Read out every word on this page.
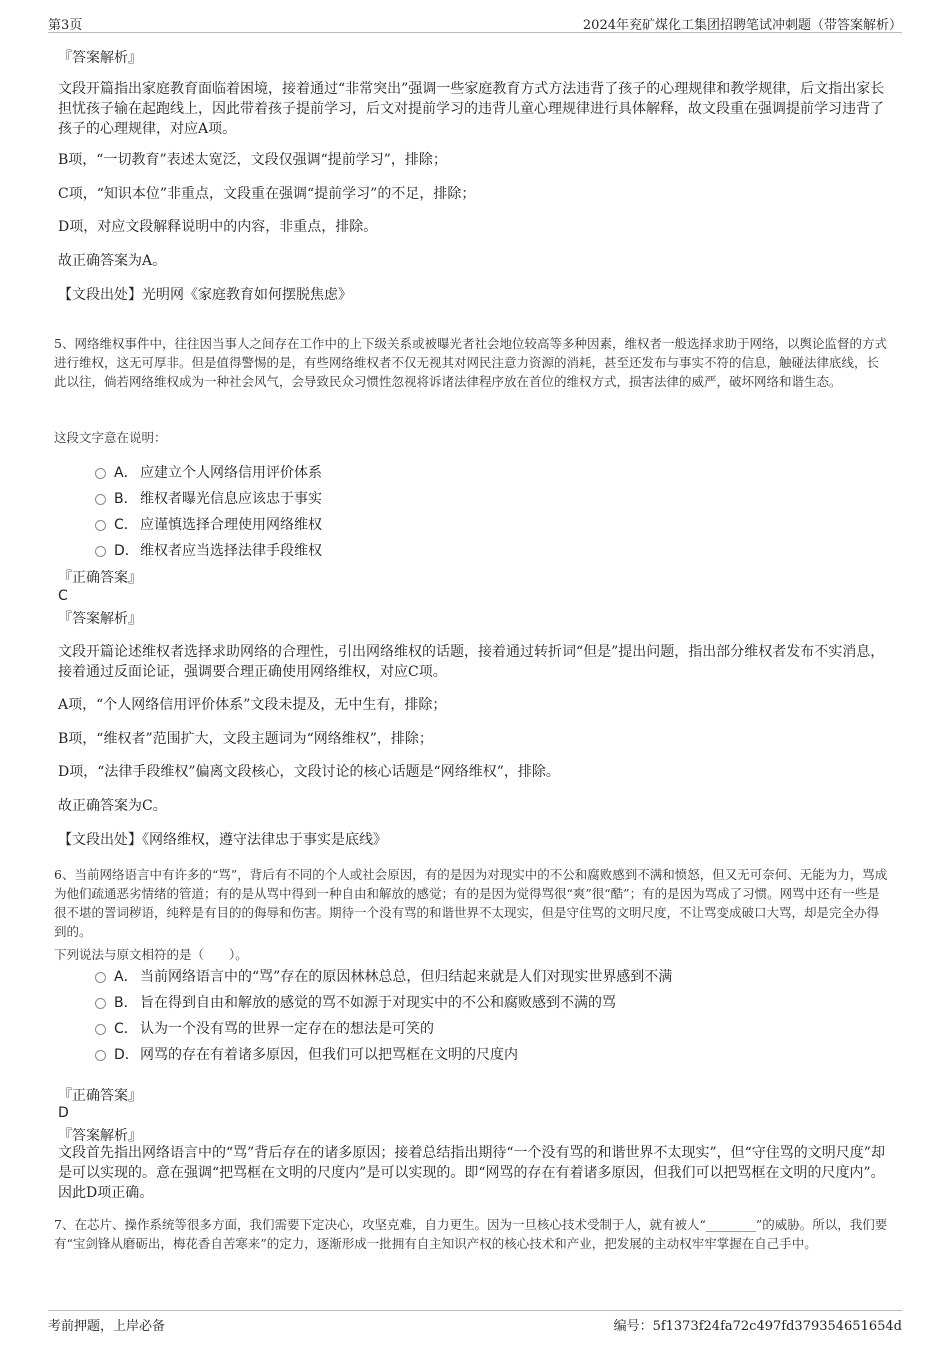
第3页	2024年兖矿煤化工集团招聘笔试冲刺题（带答案解析）
『答案解析』
文段开篇指出家庭教育面临着困境，接着通过“非常突出”强调一些家庭教育方式方法违背了孩子的心理规律和教学规律，后文指出家长担忧孩子输在起跑线上，因此带着孩子提前学习，后文对提前学习的违背儿童心理规律进行具体解释，故文段重在强调提前学习违背了孩子的心理规律，对应A项。
B项，“一切教育”表述太宽泛，文段仅强调“提前学习”，排除；
C项，“知识本位”非重点，文段重在强调“提前学习”的不足，排除；
D项，对应文段解释说明中的内容，非重点，排除。
故正确答案为A。
【文段出处】光明网《家庭教育如何摆脱焦虑》
5、网络维权事件中，往往因当事人之间存在工作中的上下级关系或被曝光者社会地位较高等多种因素，维权者一般选择求助于网络，以舆论监督的方式进行维权，这无可厚非。但是值得警惕的是，有些网络维权者不仅无视其对网民注意力资源的消耗，甚至还发布与事实不符的信息，触碰法律底线，长此以往，倘若网络维权成为一种社会风气，会导致民众习惯性忽视将诉诸法律程序放在首位的维权方式，损害法律的威严，破坏网络和谐生态。
这段文字意在说明：
A． 应建立个人网络信用评价体系
B． 维权者曝光信息应该忠于事实
C． 应谨慎选择合理使用网络维权
D．维权者应当选择法律手段维权
『正确答案』
C
『答案解析』
文段开篇论述维权者选择求助网络的合理性，引出网络维权的话题，接着通过转折词“但是”提出问题，指出部分维权者发布不实消息，接着通过反面论证，强调要合理正确使用网络维权，对应C项。
A项，“个人网络信用评价体系”文段未提及，无中生有，排除；
B项，“维权者”范围扩大，文段主题词为“网络维权”，排除；
D项，“法律手段维权”偏离文段核心，文段讨论的核心话题是“网络维权”，排除。
故正确答案为C。
【文段出处】《网络维权，遵守法律忠于事实是底线》
6、当前网络语言中有许多的“骂”，背后有不同的个人或社会原因，有的是因为对现实中的不公和腐败感到不满和愤怒，但又无可奈何、无能为力，骂成为他们疏通恶劣情绪的管道；有的是从骂中得到一种自由和解放的感觉；有的是因为觉得骂很“爽”很“酷”；有的是因为骂成了习惯。网骂中还有一些是很不堪的詈词秽语，纯粹是有目的的侮辱和伤害。期待一个没有骂的和谐世界不太现实，但是守住骂的文明尺度，不让骂变成破口大骂，却是完全办得到的。
下列说法与原文相符的是（　　）。
A． 当前网络语言中的“骂”存在的原因林林总总，但归结起来就是人们对现实世界感到不满
B． 旨在得到自由和解放的感觉的骂不如源于对现实中的不公和腐败感到不满的骂
C． 认为一个没有骂的世界一定存在的想法是可笑的
D．网骂的存在有着诸多原因，但我们可以把骂框在文明的尺度内
『正确答案』
D
『答案解析』
文段首先指出网络语言中的“骂”背后存在的诸多原因；接着总结指出期待“一个没有骂的和谐世界不太现实”，但“守住骂的文明尺度”却是可以实现的。意在强调“把骂框在文明的尺度内”是可以实现的。即“网骂的存在有着诸多原因，但我们可以把骂框在文明的尺度内”。因此D项正确。
7、在芯片、操作系统等很多方面，我们需要下定决心，攻坚克难，自力更生。因为一旦核心技术受制于人，就有被人“________”的威胁。所以，我们要有“宝剑锋从磨砺出，梅花香自苦寒来”的定力，逐渐形成一批拥有自主知识产权的核心技术和产业，把发展的主动权牢牢掌握在自己手中。
考前押题，上岸必备	编号：5f1373f24fa72c497fd379354651654d
